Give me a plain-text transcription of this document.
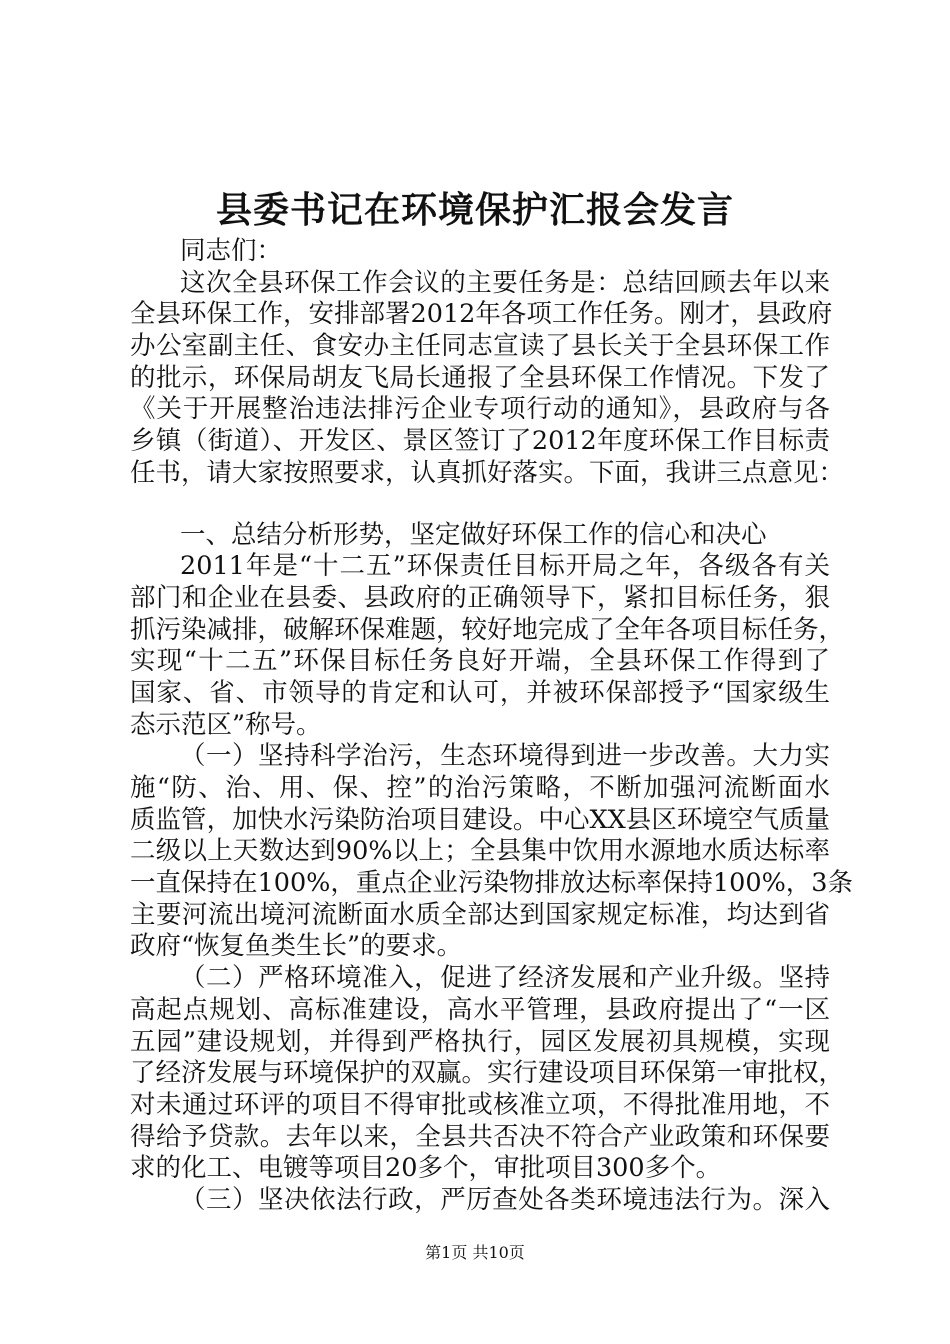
县委书记在环境保护汇报会发言
同志们：
这次全县环保工作会议的主要任务是：总结回顾去年以来
全县环保工作，安排部署2012年各项工作任务。刚才，县政府
办公室副主任、食安办主任同志宣读了县长关于全县环保工作
的批示，环保局胡友飞局长通报了全县环保工作情况。下发了
《关于开展整治违法排污企业专项行动的通知》，县政府与各
乡镇（街道）、开发区、景区签订了2012年度环保工作目标责
任书，请大家按照要求，认真抓好落实。下面，我讲三点意见：
一、总结分析形势，坚定做好环保工作的信心和决心
2011年是“十二五”环保责任目标开局之年，各级各有关
部门和企业在县委、县政府的正确领导下，紧扣目标任务，狠
抓污染减排，破解环保难题，较好地完成了全年各项目标任务，
实现“十二五”环保目标任务良好开端，全县环保工作得到了
国家、省、市领导的肯定和认可，并被环保部授予“国家级生
态示范区”称号。
（一）坚持科学治污，生态环境得到进一步改善。大力实
施“防、治、用、保、控”的治污策略，不断加强河流断面水
质监管，加快水污染防治项目建设。中心XX县区环境空气质量
二级以上天数达到90%以上；全县集中饮用水源地水质达标率
一直保持在100%，重点企业污染物排放达标率保持100%，3条
主要河流出境河流断面水质全部达到国家规定标准，均达到省
政府“恢复鱼类生长”的要求。
（二）严格环境准入，促进了经济发展和产业升级。坚持
高起点规划、高标准建设，高水平管理，县政府提出了“一区
五园”建设规划，并得到严格执行，园区发展初具规模，实现
了经济发展与环境保护的双赢。实行建设项目环保第一审批权，
对未通过环评的项目不得审批或核准立项，不得批准用地，不
得给予贷款。去年以来，全县共否决不符合产业政策和环保要
求的化工、电镀等项目20多个，审批项目300多个。
（三）坚决依法行政，严厉查处各类环境违法行为。深入
第1页 共10页
